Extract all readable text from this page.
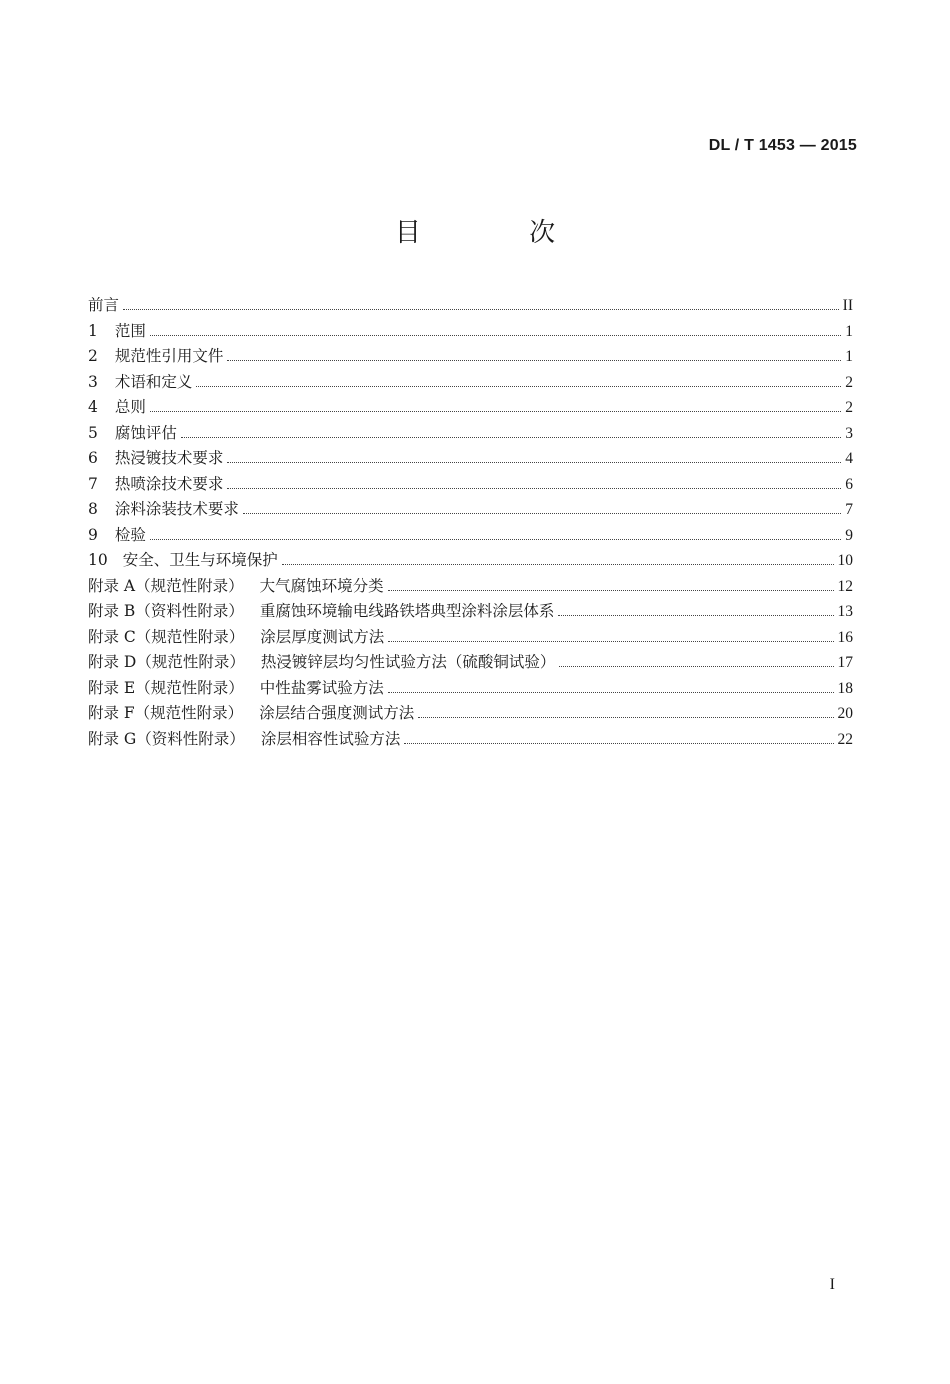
DL / T 1453 — 2015
目 次
前言	II
1 范围	1
2 规范性引用文件	1
3 术语和定义	2
4 总则	2
5 腐蚀评估	3
6 热浸镀技术要求	4
7 热喷涂技术要求	6
8 涂料涂装技术要求	7
9 检验	9
10 安全、卫生与环境保护	10
附录 A（规范性附录） 大气腐蚀环境分类	12
附录 B（资料性附录） 重腐蚀环境输电线路铁塔典型涂料涂层体系	13
附录 C（规范性附录） 涂层厚度测试方法	16
附录 D（规范性附录） 热浸镀锌层均匀性试验方法（硫酸铜试验）	17
附录 E（规范性附录） 中性盐雾试验方法	18
附录 F（规范性附录） 涂层结合强度测试方法	20
附录 G（资料性附录） 涂层相容性试验方法	22
I
